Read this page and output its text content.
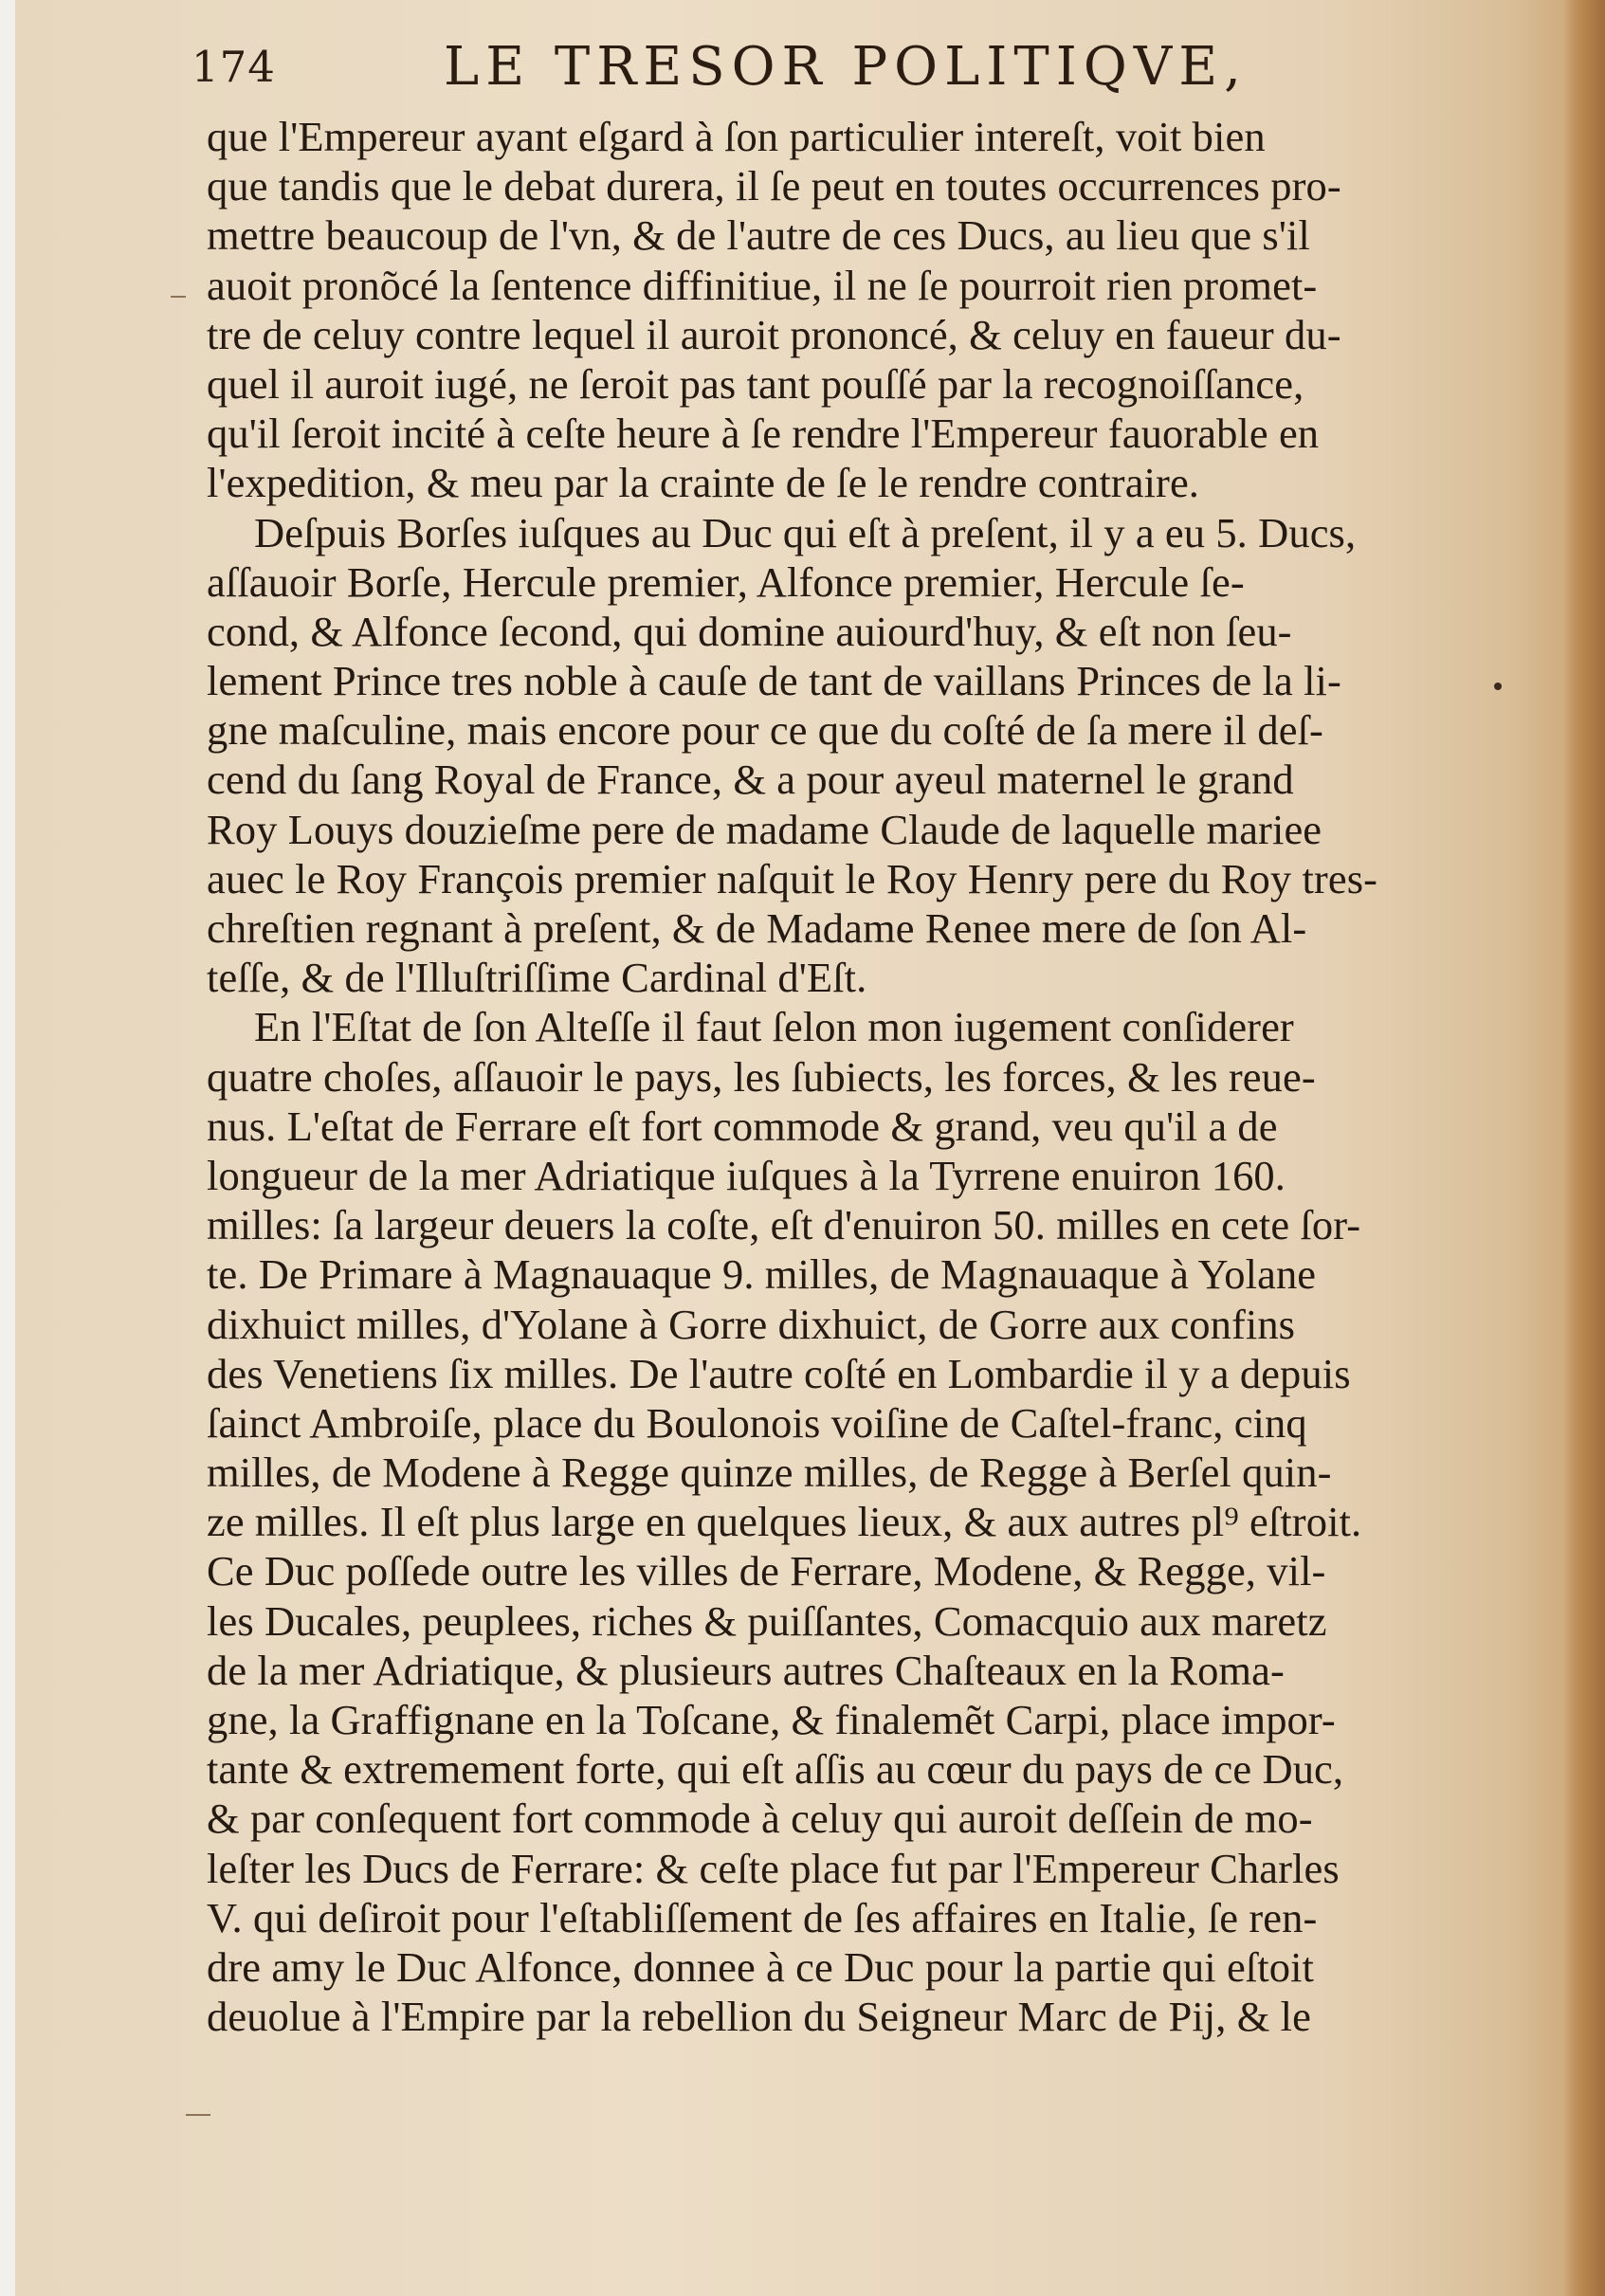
174	LE TRESOR POLITIQVE,
que l'Empereur ayant eſgard à ſon particulier intereſt, voit bien
que tandis que le debat durera, il ſe peut en toutes occurrences pro-
mettre beaucoup de l'vn, & de l'autre de ces Ducs, au lieu que s'il
auoit pronõcé la ſentence diffinitiue, il ne ſe pourroit rien promet-
tre de celuy contre lequel il auroit prononcé, & celuy en faueur du-
quel il auroit iugé, ne ſeroit pas tant pouſſé par la recognoiſſance,
qu'il ſeroit incité à ceſte heure à ſe rendre l'Empereur fauorable en
l'expedition, & meu par la crainte de ſe le rendre contraire.
Deſpuis Borſes iuſques au Duc qui eſt à preſent, il y a eu 5. Ducs,
aſſauoir Borſe, Hercule premier, Alfonce premier, Hercule ſe-
cond, & Alfonce ſecond, qui domine auiourd'huy, & eſt non ſeu-
lement Prince tres noble à cauſe de tant de vaillans Princes de la li-
gne maſculine, mais encore pour ce que du coſté de ſa mere il deſ-
cend du ſang Royal de France, & a pour ayeul maternel le grand
Roy Louys douzieſme pere de madame Claude de laquelle mariee
auec le Roy François premier naſquit le Roy Henry pere du Roy tres-
chreſtien regnant à preſent, & de Madame Renee mere de ſon Al-
teſſe, & de l'Illuſtriſſime Cardinal d'Eſt.
En l'Eſtat de ſon Alteſſe il faut ſelon mon iugement conſiderer
quatre choſes, aſſauoir le pays, les ſubiects, les forces, & les reue-
nus. L'eſtat de Ferrare eſt fort commode & grand, veu qu'il a de
longueur de la mer Adriatique iuſques à la Tyrrene enuiron 160.
milles: ſa largeur deuers la coſte, eſt d'enuiron 50. milles en cete ſor-
te. De Primare à Magnauaque 9. milles, de Magnauaque à Yolane
dixhuict milles, d'Yolane à Gorre dixhuict, de Gorre aux confins
des Venetiens ſix milles. De l'autre coſté en Lombardie il y a depuis
ſainct Ambroiſe, place du Boulonois voiſine de Caſtel-franc, cinq
milles, de Modene à Regge quinze milles, de Regge à Berſel quin-
ze milles. Il eſt plus large en quelques lieux, & aux autres pl⁹ eſtroit.
Ce Duc poſſede outre les villes de Ferrare, Modene, & Regge, vil-
les Ducales, peuplees, riches & puiſſantes, Comacquio aux maretz
de la mer Adriatique, & plusieurs autres Chaſteaux en la Roma-
gne, la Graffignane en la Toſcane, & finalemẽt Carpi, place impor-
tante & extremement forte, qui eſt aſſis au cœur du pays de ce Duc,
& par conſequent fort commode à celuy qui auroit deſſein de mo-
leſter les Ducs de Ferrare: & ceſte place fut par l'Empereur Charles
V. qui deſiroit pour l'eſtabliſſement de ſes affaires en Italie, ſe ren-
dre amy le Duc Alfonce, donnee à ce Duc pour la partie qui eſtoit
deuolue à l'Empire par la rebellion du Seigneur Marc de Pij, & le
